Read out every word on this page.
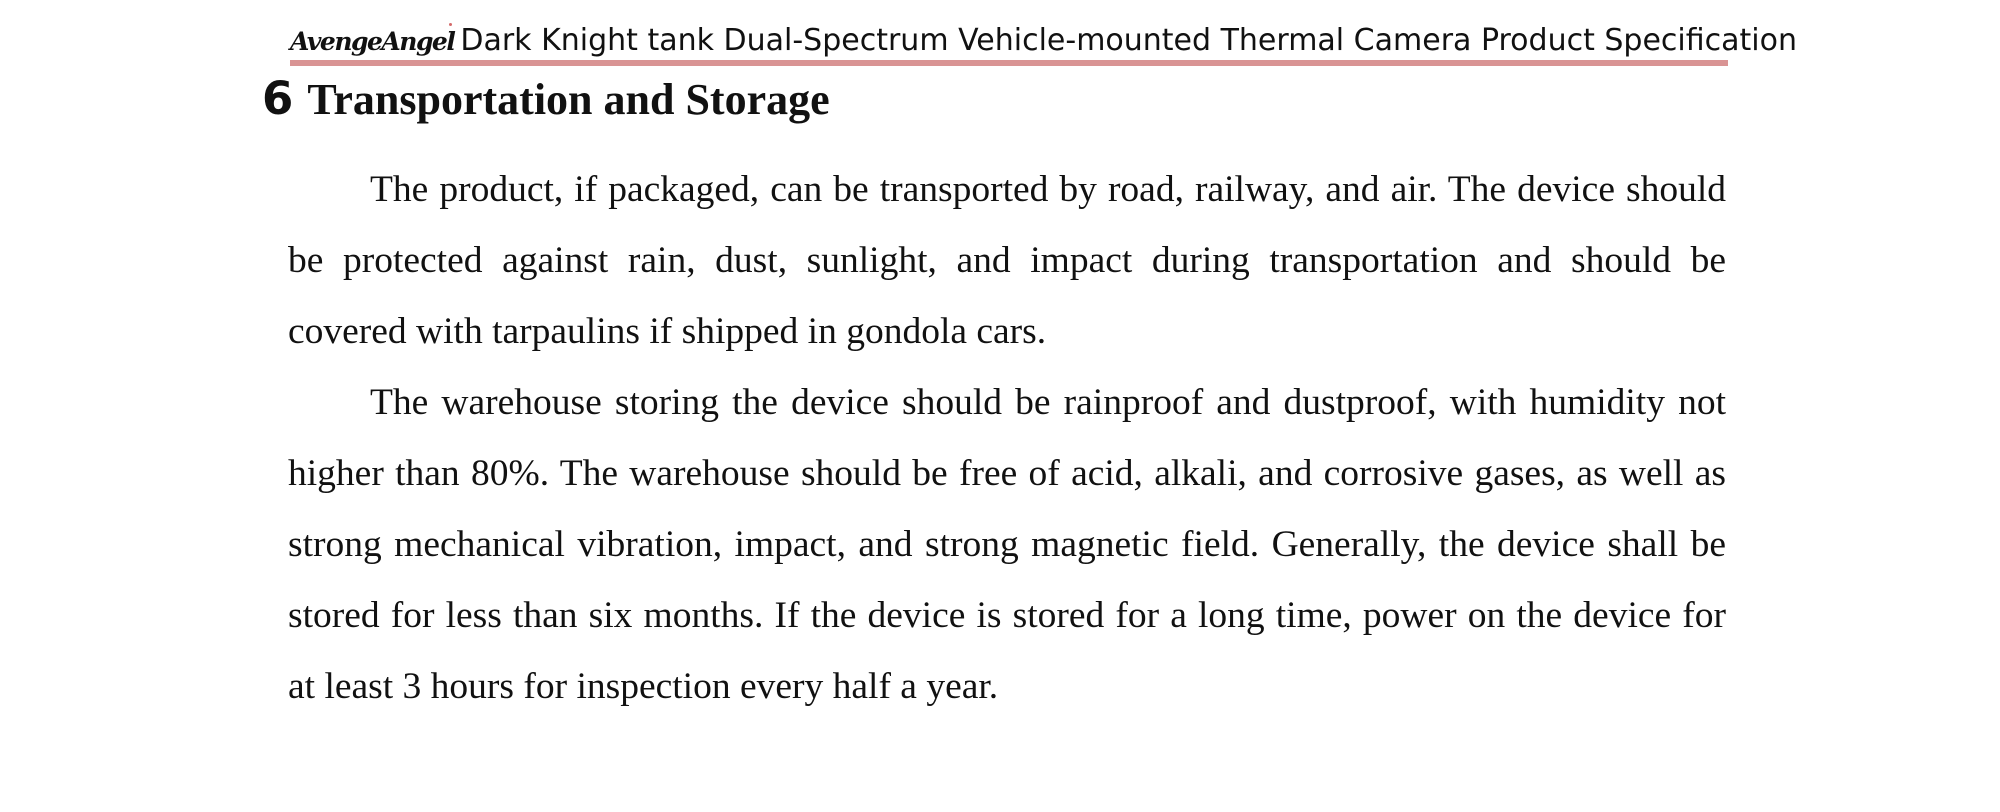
AvengeAngel Dark Knight tank Dual-Spectrum Vehicle-mounted Thermal Camera Product Specification
6 Transportation and Storage

The product, if packaged, can be transported by road, railway, and air. The device should be protected against rain, dust, sunlight, and impact during transportation and should be covered with tarpaulins if shipped in gondola cars.

The warehouse storing the device should be rainproof and dustproof, with humidity not higher than 80%. The warehouse should be free of acid, alkali, and corrosive gases, as well as strong mechanical vibration, impact, and strong magnetic field. Generally, the device shall be stored for less than six months. If the device is stored for a long time, power on the device for at least 3 hours for inspection every half a year.
